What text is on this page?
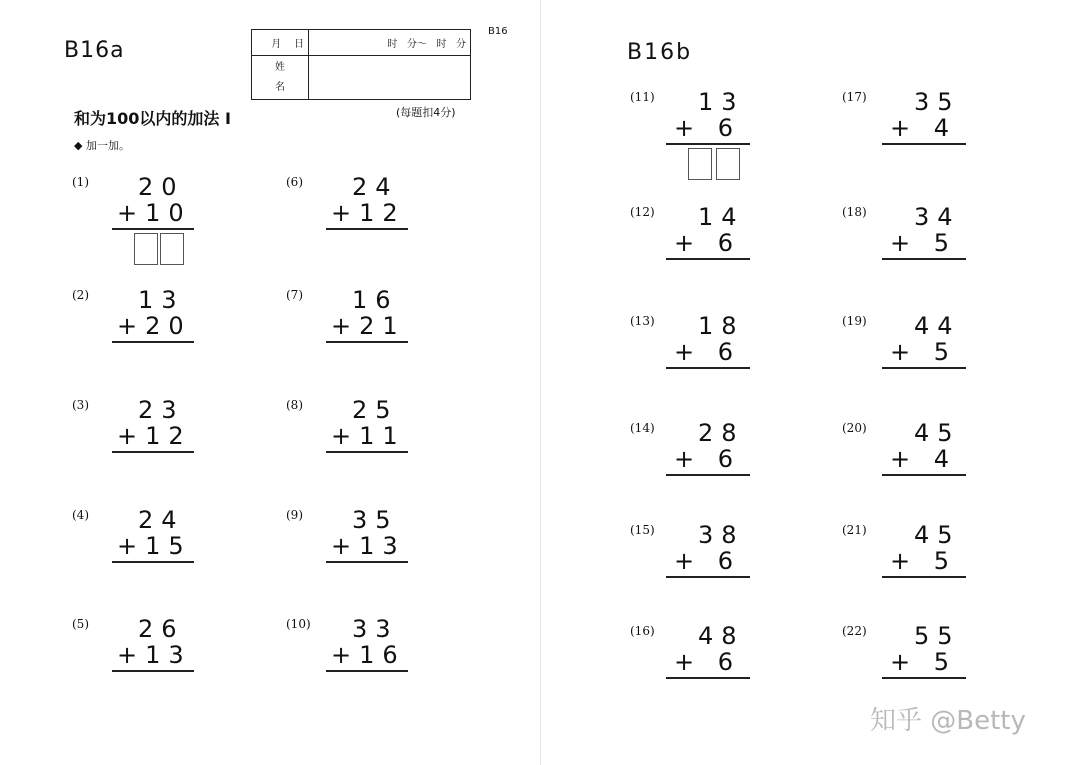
B16a
B16
月 日	时 分～ 时 分

姓
名	

和为100以内的加法 I	(每题扣4分)
◆ 加一加。
(1) 20
+10
(2) 13
+20
(3) 23
+12
(4) 24
+15
(5) 26
+13
(6) 24
+12
(7) 16
+21
(8) 25
+11
(9) 35
+13
(10) 33
+16
B16b
(11) 13
+ 6
(12) 14
+ 6
(13) 18
+ 6
(14) 28
+ 6
(15) 38
+ 6
(16) 48
+ 6
(17) 35
+ 4
(18) 34
+ 5
(19) 44
+ 5
(20) 45
+ 4
(21) 45
+ 5
(22) 55
+ 5
知乎 @Betty
